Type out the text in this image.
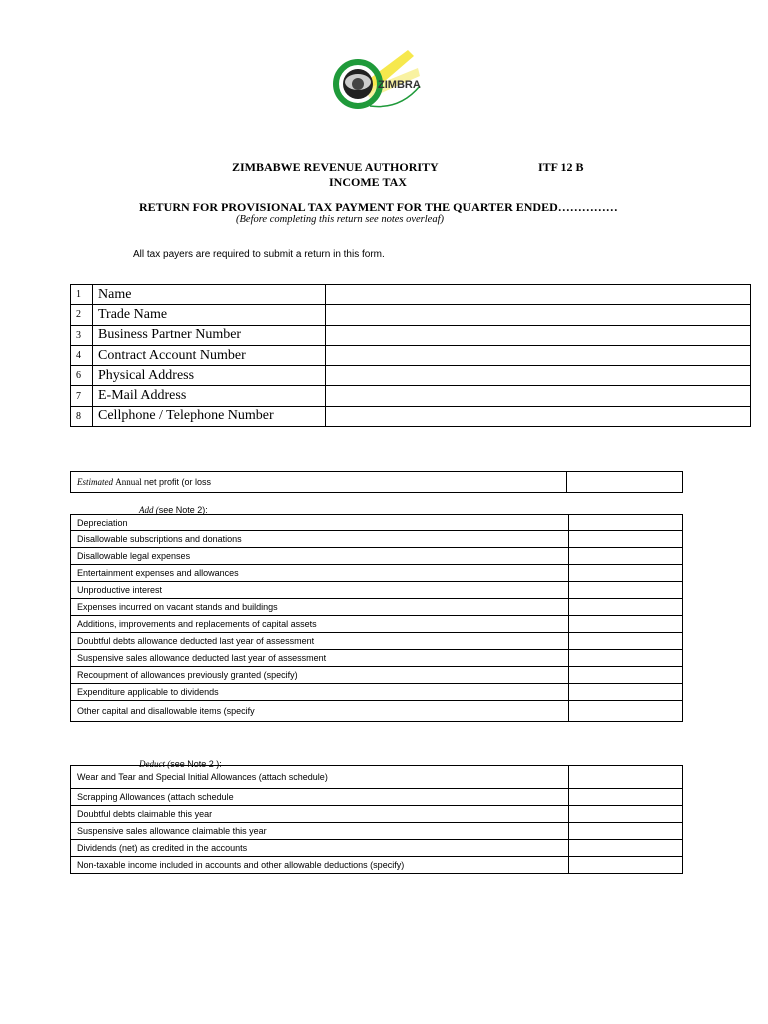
ZIMBRA
ZIMBABWE REVENUE AUTHORITY	ITF 12 B
INCOME TAX
RETURN FOR PROVISIONAL TAX PAYMENT FOR THE QUARTER ENDED……………
(Before completing this return see notes overleaf)
All tax payers are required to submit a return in this form.
1	Name	
2	Trade Name	
3	Business Partner Number	
4	Contract Account Number	
6	Physical Address	
7	E-Mail Address	
8	Cellphone / Telephone Number	
Estimated Annual net profit (or loss	
Add (see Note 2):
Depreciation	
Disallowable subscriptions and donations	
Disallowable legal expenses	
Entertainment expenses and allowances	
Unproductive interest	
Expenses incurred on vacant stands and buildings	
Additions, improvements and replacements of capital assets	
Doubtful debts allowance deducted last year of assessment	
Suspensive sales allowance deducted last year of assessment	
Recoupment of allowances previously granted (specify)	
Expenditure applicable to dividends	
Other capital and disallowable items (specify	
Deduct (see Note 2 ):
Wear and Tear and Special Initial Allowances (attach schedule)	
Scrapping Allowances (attach schedule	
Doubtful debts claimable this year	
Suspensive sales allowance claimable this year	
Dividends (net) as credited in the accounts	
Non-taxable income included in accounts and other allowable deductions (specify)	
